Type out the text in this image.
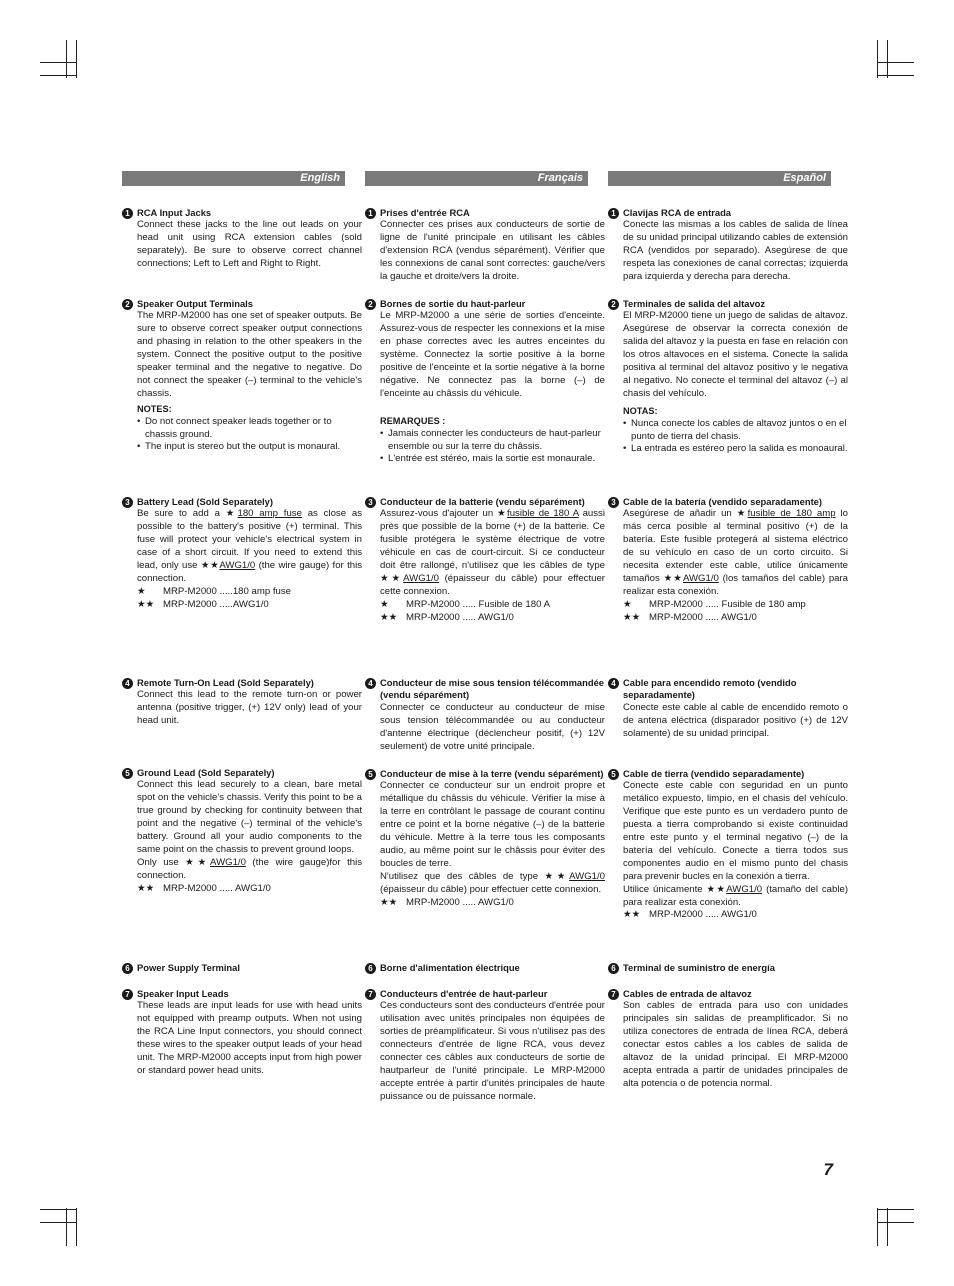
English	Français	Español
1 RCA Input Jacks

Connect these jacks to the line out leads on your head unit using RCA extension cables (sold separately). Be sure to observe correct channel connections; Left to Left and Right to Right.

2 Speaker Output Terminals

The MRP-M2000 has one set of speaker outputs. Be sure to observe correct speaker output connections and phasing in relation to the other speakers in the system. Connect the positive output to the positive speaker terminal and the negative to negative. Do not connect the speaker (–) terminal to the vehicle's chassis.

NOTES:
• Do not connect speaker leads together or to chassis ground.
• The input is stereo but the output is monaural.
3 Battery Lead (Sold Separately)

Be sure to add a ★180 amp fuse as close as possible to the battery's positive (+) terminal. This fuse will protect your vehicle's electrical system in case of a short circuit. If you need to extend this lead, only use ★★AWG1/0 (the wire gauge) for this connection.

★	MRP-M2000 .....180 amp fuse
★★ MRP-M2000 .....AWG1/0
4 Remote Turn-On Lead (Sold Separately)

Connect this lead to the remote turn-on or power antenna (positive trigger, (+) 12V only) lead of your head unit.

5 Ground Lead (Sold Separately)

Connect this lead securely to a clean, bare metal spot on the vehicle's chassis. Verify this point to be a true ground by checking for continuity between that point and the negative (–) terminal of the vehicle's battery. Ground all your audio components to the same point on the chassis to prevent ground loops.

Only use ★★AWG1/0 (the wire gauge)for this connection.

★★ MRP-M2000 ..... AWG1/0
6 Power Supply Terminal
7 Speaker Input Leads

These leads are input leads for use with head units not equipped with preamp outputs. When not using the RCA Line Input connectors, you should connect these wires to the speaker output leads of your head unit. The MRP-M2000 accepts input from high power or standard power head units.

1 Prises d'entrée RCA

Connecter ces prises aux conducteurs de sortie de ligne de l'unité principale en utilisant les câbles d'extension RCA (vendus séparément). Vérifier que les connexions de canal sont correctes: gauche/vers la gauche et droite/vers la droite.

2 Bornes de sortie du haut-parleur

Le MRP-M2000 a une série de sorties d'enceinte. Assurez-vous de respecter les connexions et la mise en phase correctes avec les autres enceintes du système. Connectez la sortie positive à la borne positive de l'enceinte et la sortie négative à la borne négative. Ne connectez pas la borne (–) de l'enceinte au châssis du véhicule.

REMARQUES :
• Jamais connecter les conducteurs de haut-parleur ensemble ou sur la terre du châssis.
• L'entrée est stéréo, mais la sortie est monaurale.
3 Conducteur de la batterie (vendu séparément)

Assurez-vous d'ajouter un ★fusible de 180 A aussi près que possible de la borne (+) de la batterie. Ce fusible protégera le système électrique de votre véhicule en cas de court-circuit. Si ce conducteur doit être rallongé, n'utilisez que les câbles de type ★★AWG1/0 (épaisseur du câble) pour effectuer cette connexion.

★	MRP-M2000 ..... Fusible de 180 A
★★ MRP-M2000 ..... AWG1/0
4 Conducteur de mise sous tension télécommandée (vendu séparément)

Connecter ce conducteur au conducteur de mise sous tension télécommandée ou au conducteur d'antenne électrique (déclencheur positif, (+) 12V seulement) de votre unité principale.

5 Conducteur de mise à la terre (vendu séparément)

Connecter ce conducteur sur un endroit propre et métallique du châssis du véhicule. Vérifier la mise à la terre en contrôlant le passage de courant continu entre ce point et la borne négative (–) de la batterie du véhicule. Mettre à la terre tous les composants audio, au même point sur le châssis pour éviter des boucles de terre.

N'utilisez que des câbles de type ★★AWG1/0 (épaisseur du câble) pour effectuer cette connexion.

★★ MRP-M2000 ..... AWG1/0
6 Borne d'alimentation électrique
7 Conducteurs d'entrée de haut-parleur

Ces conducteurs sont des conducteurs d'entrée pour utilisation avec unités principales non équipées de sorties de préamplificateur. Si vous n'utilisez pas des connecteurs d'entrée de ligne RCA, vous devez connecter ces câbles aux conducteurs de sortie de hautparleur de l'unité principale. Le MRP-M2000 accepte entrée à partir d'unités principales de haute puissance ou de puissance normale.

1 Clavijas RCA de entrada

Conecte las mismas a los cables de salida de línea de su unidad principal utilizando cables de extensión RCA (vendidos por separado). Asegúrese de que respeta las conexiones de canal correctas; izquierda para izquierda y derecha para derecha.

2 Terminales de salida del altavoz

El MRP-M2000 tiene un juego de salidas de altavoz. Asegúrese de observar la correcta conexión de salida del altavoz y la puesta en fase en relación con los otros altavoces en el sistema. Conecte la salida positiva al terminal del altavoz positivo y le negativa al negativo. No conecte el terminal del altavoz (–) al chasis del vehículo.

NOTAS:
• Nunca conecte los cables de altavoz juntos o en el punto de tierra del chasis.
• La entrada es estéreo pero la salida es monoaural.
3 Cable de la batería (vendido separadamente)

Asegúrese de añadir un ★fusible de 180 amp lo más cerca posible al terminal positivo (+) de la batería. Este fusible protegerá al sistema eléctrico de su vehículo en caso de un corto circuito. Si necesita extender este cable, utilice únicamente tamaños ★★AWG1/0 (los tamaños del cable) para realizar esta conexión.

★	MRP-M2000 ..... Fusible de 180 amp
★★ MRP-M2000 ..... AWG1/0
4 Cable para encendido remoto (vendido separadamente)

Conecte este cable al cable de encendido remoto o de antena eléctrica (disparador positivo (+) de 12V solamente) de su unidad principal.

5 Cable de tierra (vendido separadamente)

Conecte este cable con seguridad en un punto metálico expuesto, limpio, en el chasis del vehículo. Verifique que este punto es un verdadero punto de puesta a tierra comprobando si existe continuidad entre este punto y el terminal negativo (–) de la batería del vehículo. Conecte a tierra todos sus componentes audio en el mismo punto del chasis para prevenir bucles en la conexión a tierra.

Utilice únicamente ★★AWG1/0 (tamaño del cable) para realizar esta conexión.

★★ MRP-M2000 ..... AWG1/0
6 Terminal de suministro de energía
7 Cables de entrada de altavoz

Son cables de entrada para uso con unidades principales sin salidas de preamplificador. Si no utiliza conectores de entrada de línea RCA, deberá conectar estos cables a los cables de salida de altavoz de la unidad principal. El MRP-M2000 acepta entrada a partir de unidades principales de alta potencia o de potencia normal.

7
